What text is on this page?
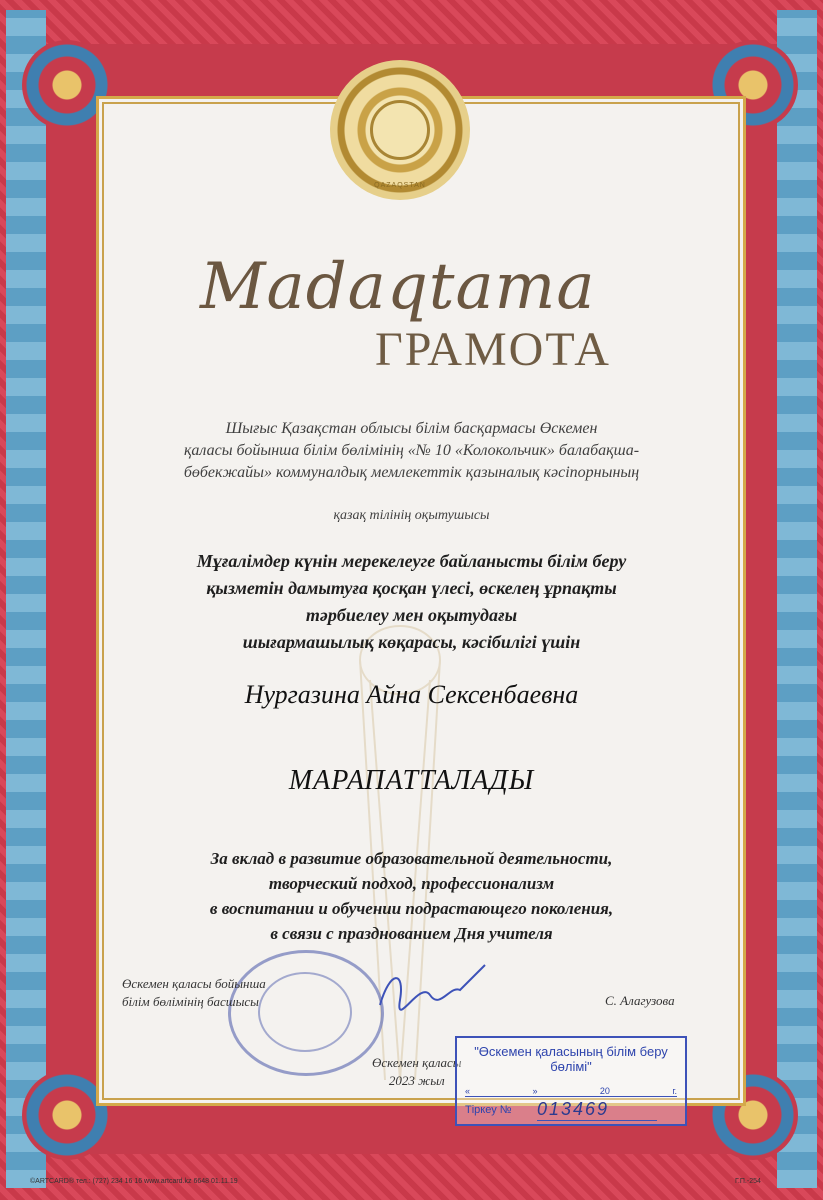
QAZAQSTAN
Madaqtama
ГРАМОТА
Шығыс Қазақстан облысы білім басқармасы Өскемен
қаласы бойынша білім бөлімінің «№ 10 «Колокольчик» балабақша-
бөбекжайы» коммуналдық мемлекеттік қазыналық кәсіпорнының
қазақ тілінің оқытушысы
Мұғалімдер күнін мерекелеуге байланысты білім беру
қызметін дамытуға қосқан үлесі, өскелең ұрпақты
тәрбиелеу мен оқытудағы
шығармашылық көқарасы, кәсібилігі үшін
Нургазина Айна Сексенбаевна
МАРАПАТТАЛАДЫ
За вклад в развитие образовательной деятельности,
творческий подход, профессионализм
в воспитании и обучении подрастающего поколения,
в связи с празднованием Дня учителя
Өскемен қаласы бойынша
білім бөлімінің басшысы	С. Алагузова
Өскемен қаласы
2023 жыл
"Өскемен қаласының білім беру бөлімі"
«	»	20	г.
Тіркеу № 013469
©ARTCARD® тел.: (727) 234 16 16 www.artcard.kz 6648 01.11.19	Г.П.-254
